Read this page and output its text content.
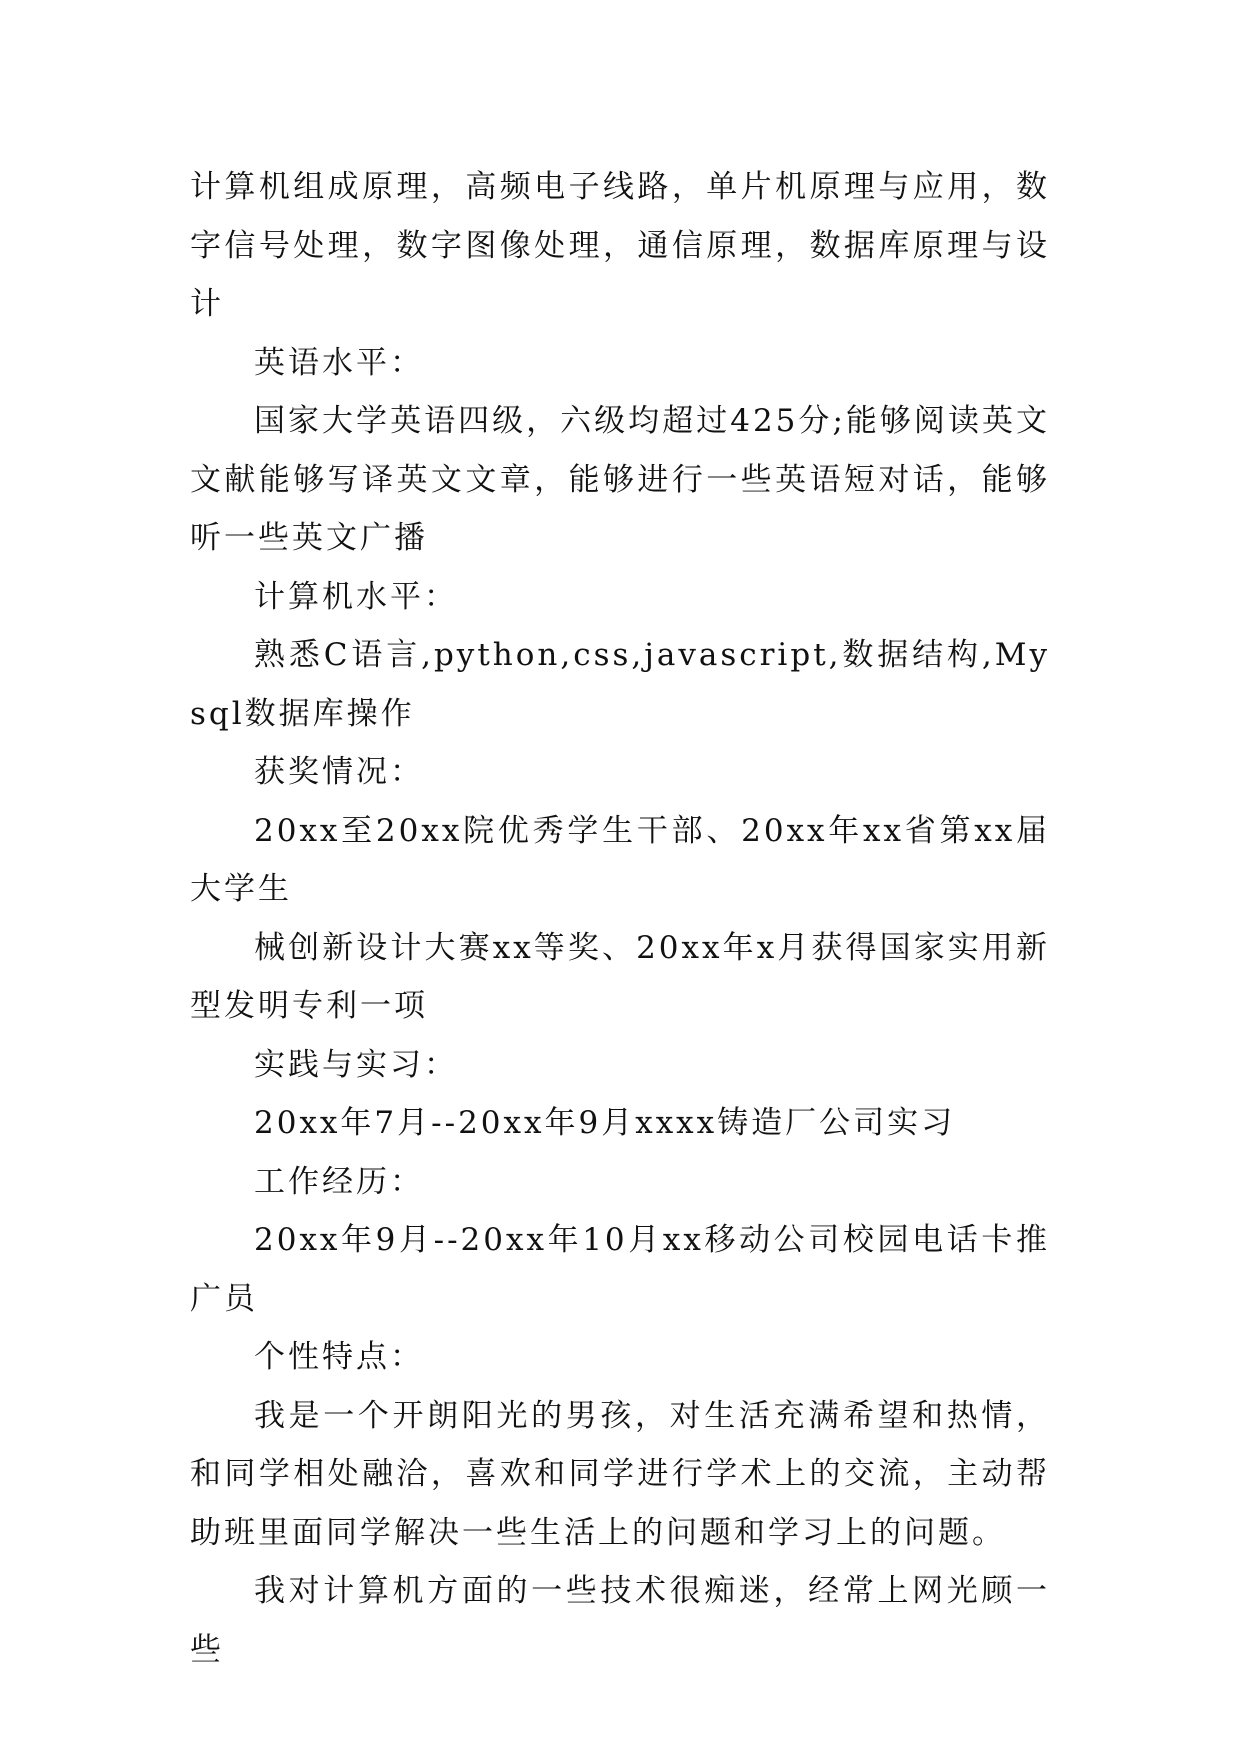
计算机组成原理，高频电子线路，单片机原理与应用，数字信号处理，数字图像处理，通信原理，数据库原理与设计

英语水平：

国家大学英语四级，六级均超过425分;能够阅读英文文献能够写译英文文章，能够进行一些英语短对话，能够听一些英文广播

计算机水平：

熟悉C语言,python,css,javascript,数据结构,Mysql数据库操作

获奖情况：

20xx至20xx院优秀学生干部、20xx年xx省第xx届大学生

械创新设计大赛xx等奖、20xx年x月获得国家实用新型发明专利一项

实践与实习：

20xx年7月--20xx年9月xxxx铸造厂公司实习

工作经历：

20xx年9月--20xx年10月xx移动公司校园电话卡推广员

个性特点：

我是一个开朗阳光的男孩，对生活充满希望和热情，和同学相处融洽，喜欢和同学进行学术上的交流，主动帮助班里面同学解决一些生活上的问题和学习上的问题。

我对计算机方面的一些技术很痴迷，经常上网光顾一些
